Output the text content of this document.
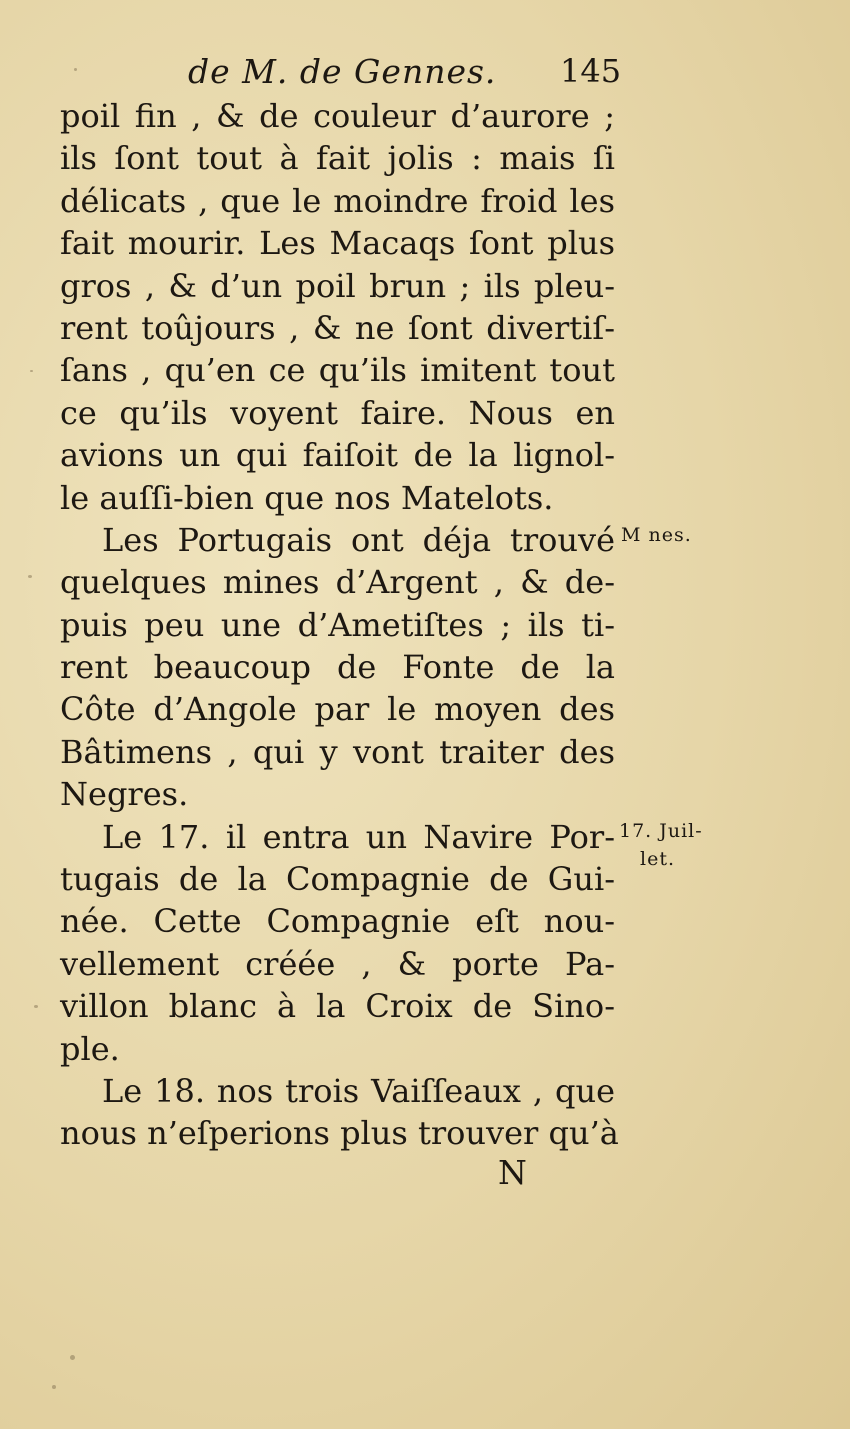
de M. de Gennes. 145
poil fin , & de couleur d’aurore ;
ils ſont tout à fait jolis : mais ſi
délicats , que le moindre froid les
fait mourir. Les Macaqs ſont plus
gros , & d’un poil brun ; ils pleu-
rent toûjours , & ne ſont divertiſ-
ſans , qu’en ce qu’ils imitent tout
ce qu’ils voyent faire. Nous en
avions un qui faiſoit de la lignol-
le auſſi-bien que nos Matelots.
Les Portugais ont déja trouvé
quelques mines d’Argent , & de-
puis peu une d’Ametiſtes ; ils ti-
rent beaucoup de Fonte de la
Côte d’Angole par le moyen des
Bâtimens , qui y vont traiter des
Negres.
Le 17. il entra un Navire Por-
tugais de la Compagnie de Gui-
née. Cette Compagnie eſt nou-
vellement créée , & porte Pa-
villon blanc à la Croix de Sino-
ple.
Le 18. nos trois Vaiſſeaux , que
nous n’eſperions plus trouver qu’à
M nes.
17. Juil-
let.
N
